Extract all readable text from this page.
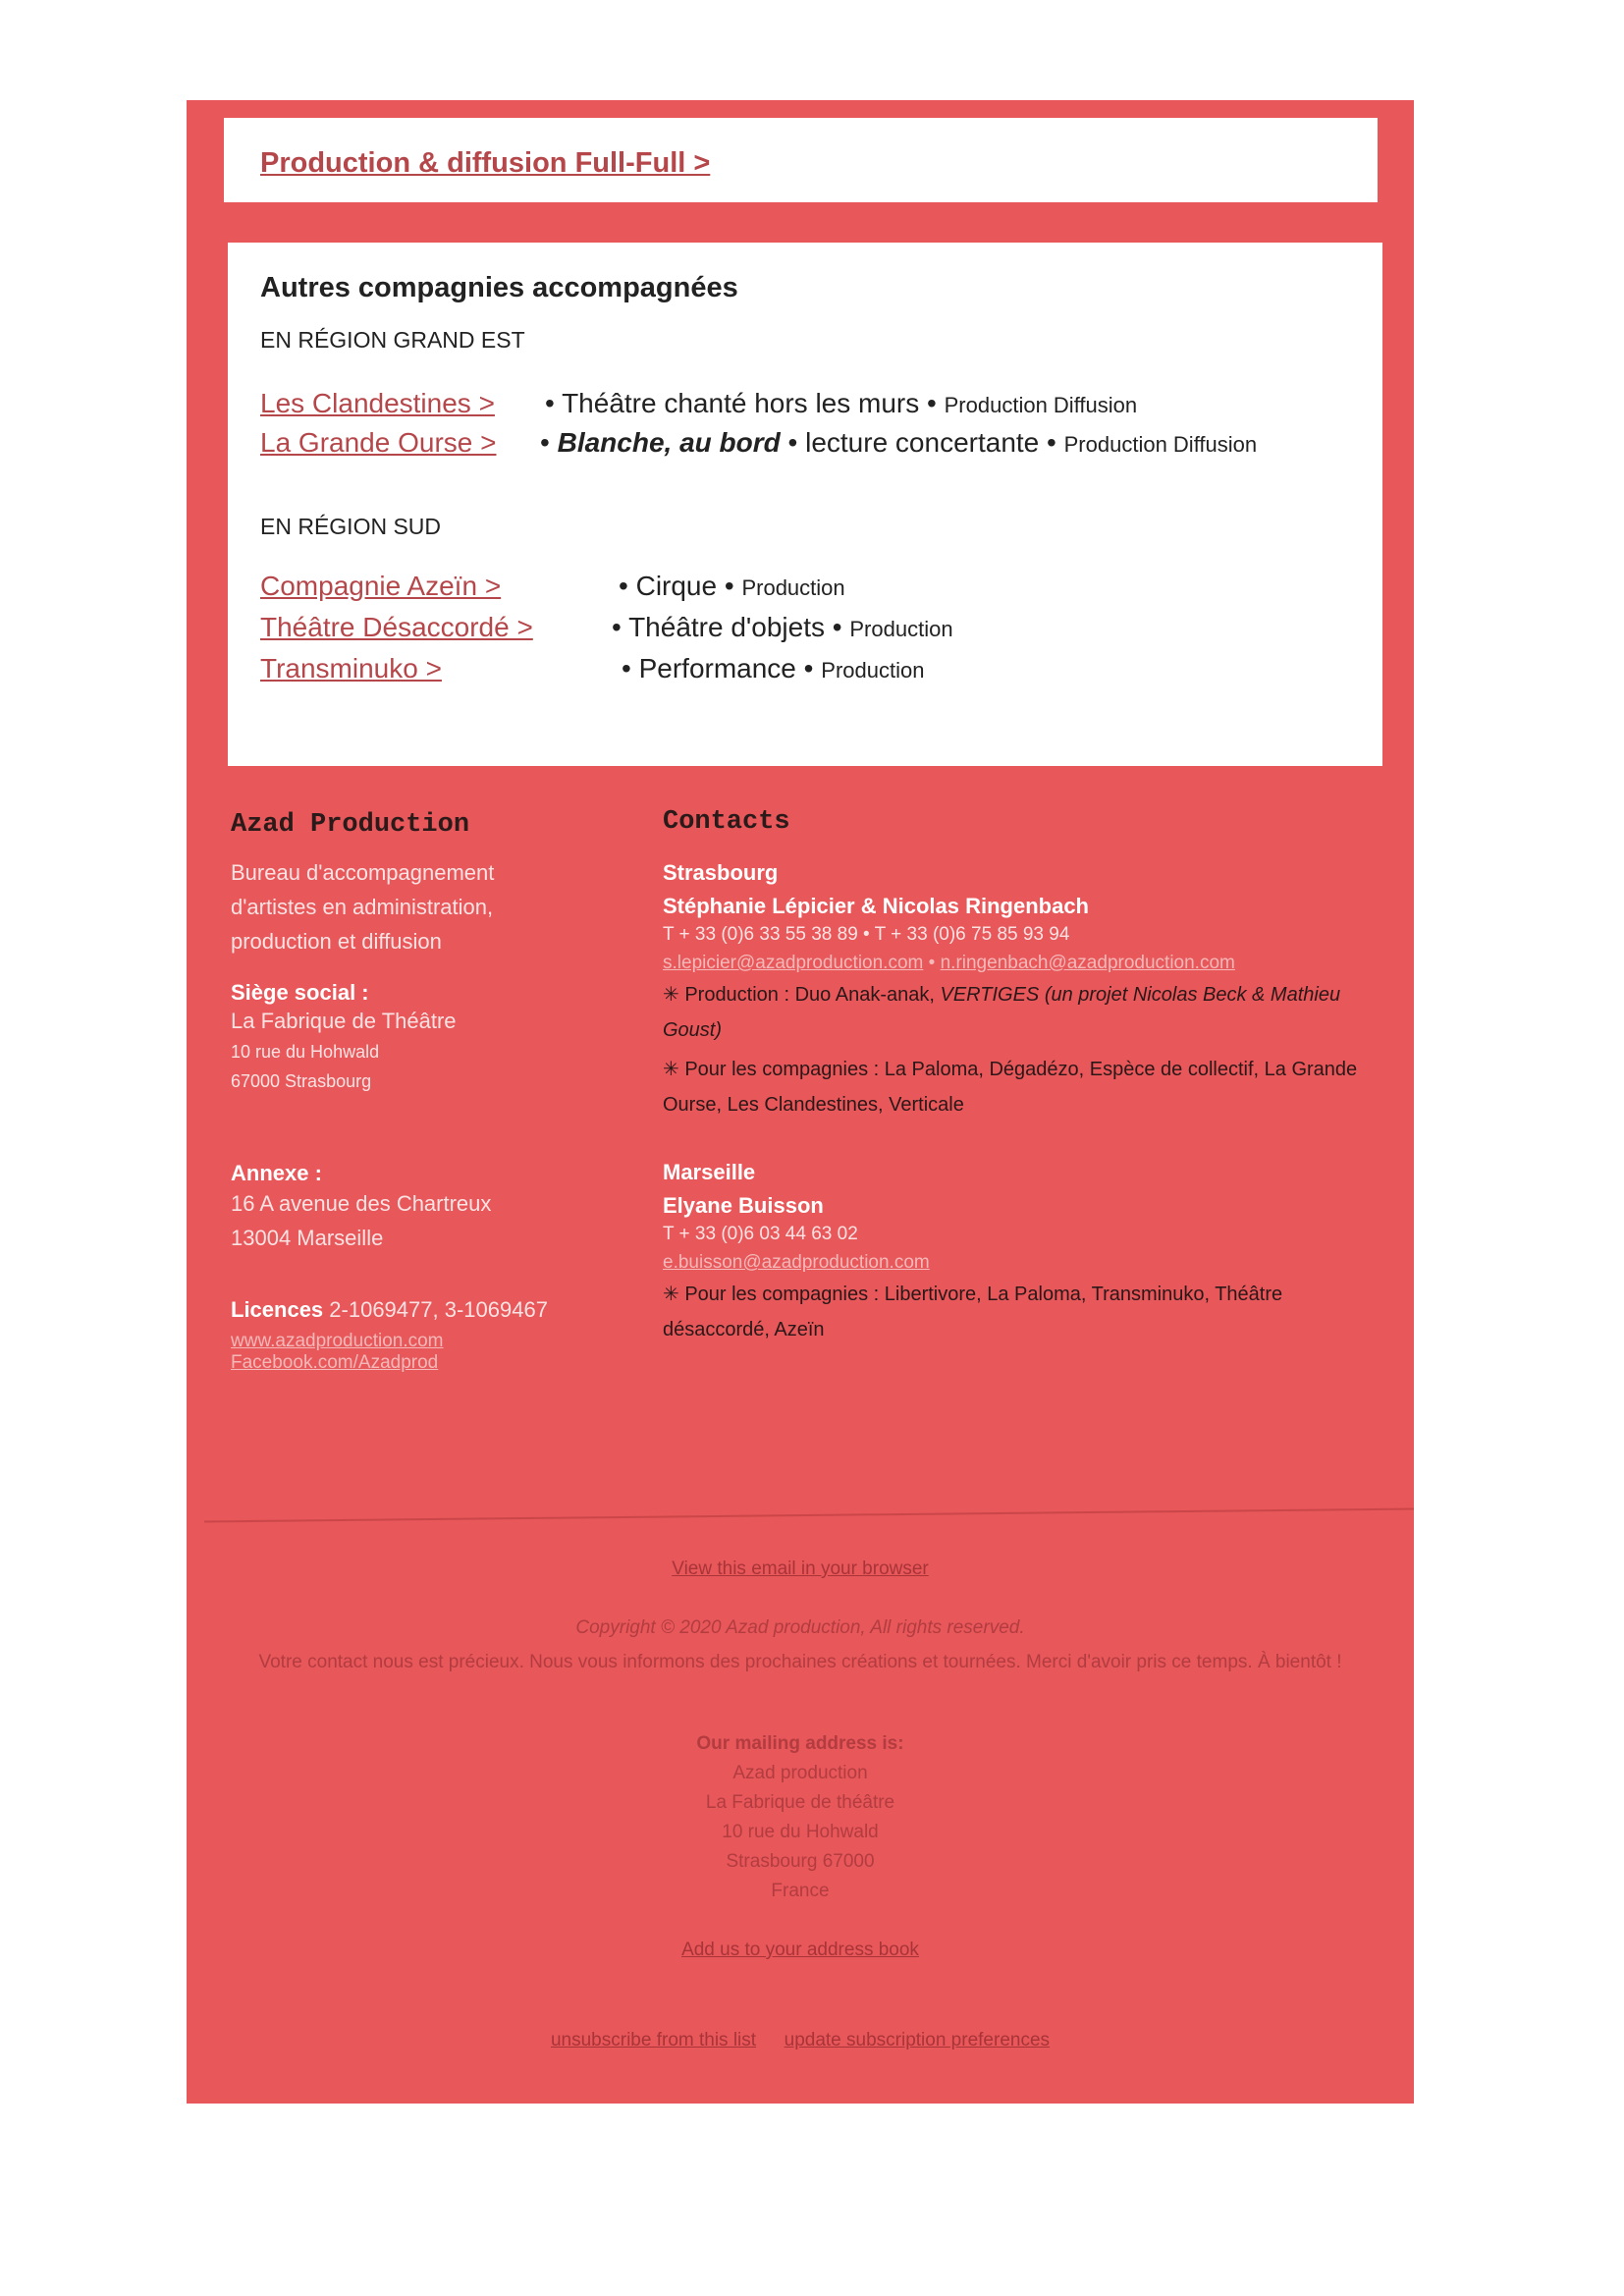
Production & diffusion Full-Full >
Autres compagnies accompagnées
EN RÉGION GRAND EST
Les Clandestines > • Théâtre chanté hors les murs • Production Diffusion
La Grande Ourse > • Blanche, au bord • lecture concertante • Production Diffusion
EN RÉGION SUD
Compagnie Azeïn >	• Cirque • Production
Théâtre Désaccordé >	• Théâtre d'objets • Production
Transminuko >	• Performance • Production
Azad Production
Bureau d'accompagnement
d'artistes en administration,
production et diffusion
Siège social :
La Fabrique de Théâtre
10 rue du Hohwald
67000 Strasbourg
Annexe :
16 A avenue des Chartreux
13004 Marseille
Licences 2-1069477, 3-1069467
www.azadproduction.com
Facebook.com/Azadprod
Contacts
Strasbourg
Stéphanie Lépicier & Nicolas Ringenbach
T + 33 (0)6 33 55 38 89 • T + 33 (0)6 75 85 93 94
s.lepicier@azadproduction.com • n.ringenbach@azadproduction.com
✳ Production : Duo Anak-anak, VERTIGES (un projet Nicolas Beck & Mathieu Goust)
✳ Pour les compagnies : La Paloma, Dégadézo, Espèce de collectif, La Grande Ourse, Les Clandestines, Verticale
Marseille
Elyane Buisson
T + 33 (0)6 03 44 63 02
e.buisson@azadproduction.com
✳ Pour les compagnies : Libertivore, La Paloma, Transminuko, Théâtre désaccordé, Azeïn
View this email in your browser
Copyright © 2020 Azad production, All rights reserved.
Votre contact nous est précieux. Nous vous informons des prochaines créations et tournées. Merci d'avoir pris ce temps. À bientôt !
Our mailing address is:
Azad production
La Fabrique de théâtre
10 rue du Hohwald
Strasbourg 67000
France
Add us to your address book
unsubscribe from this list update subscription preferences
